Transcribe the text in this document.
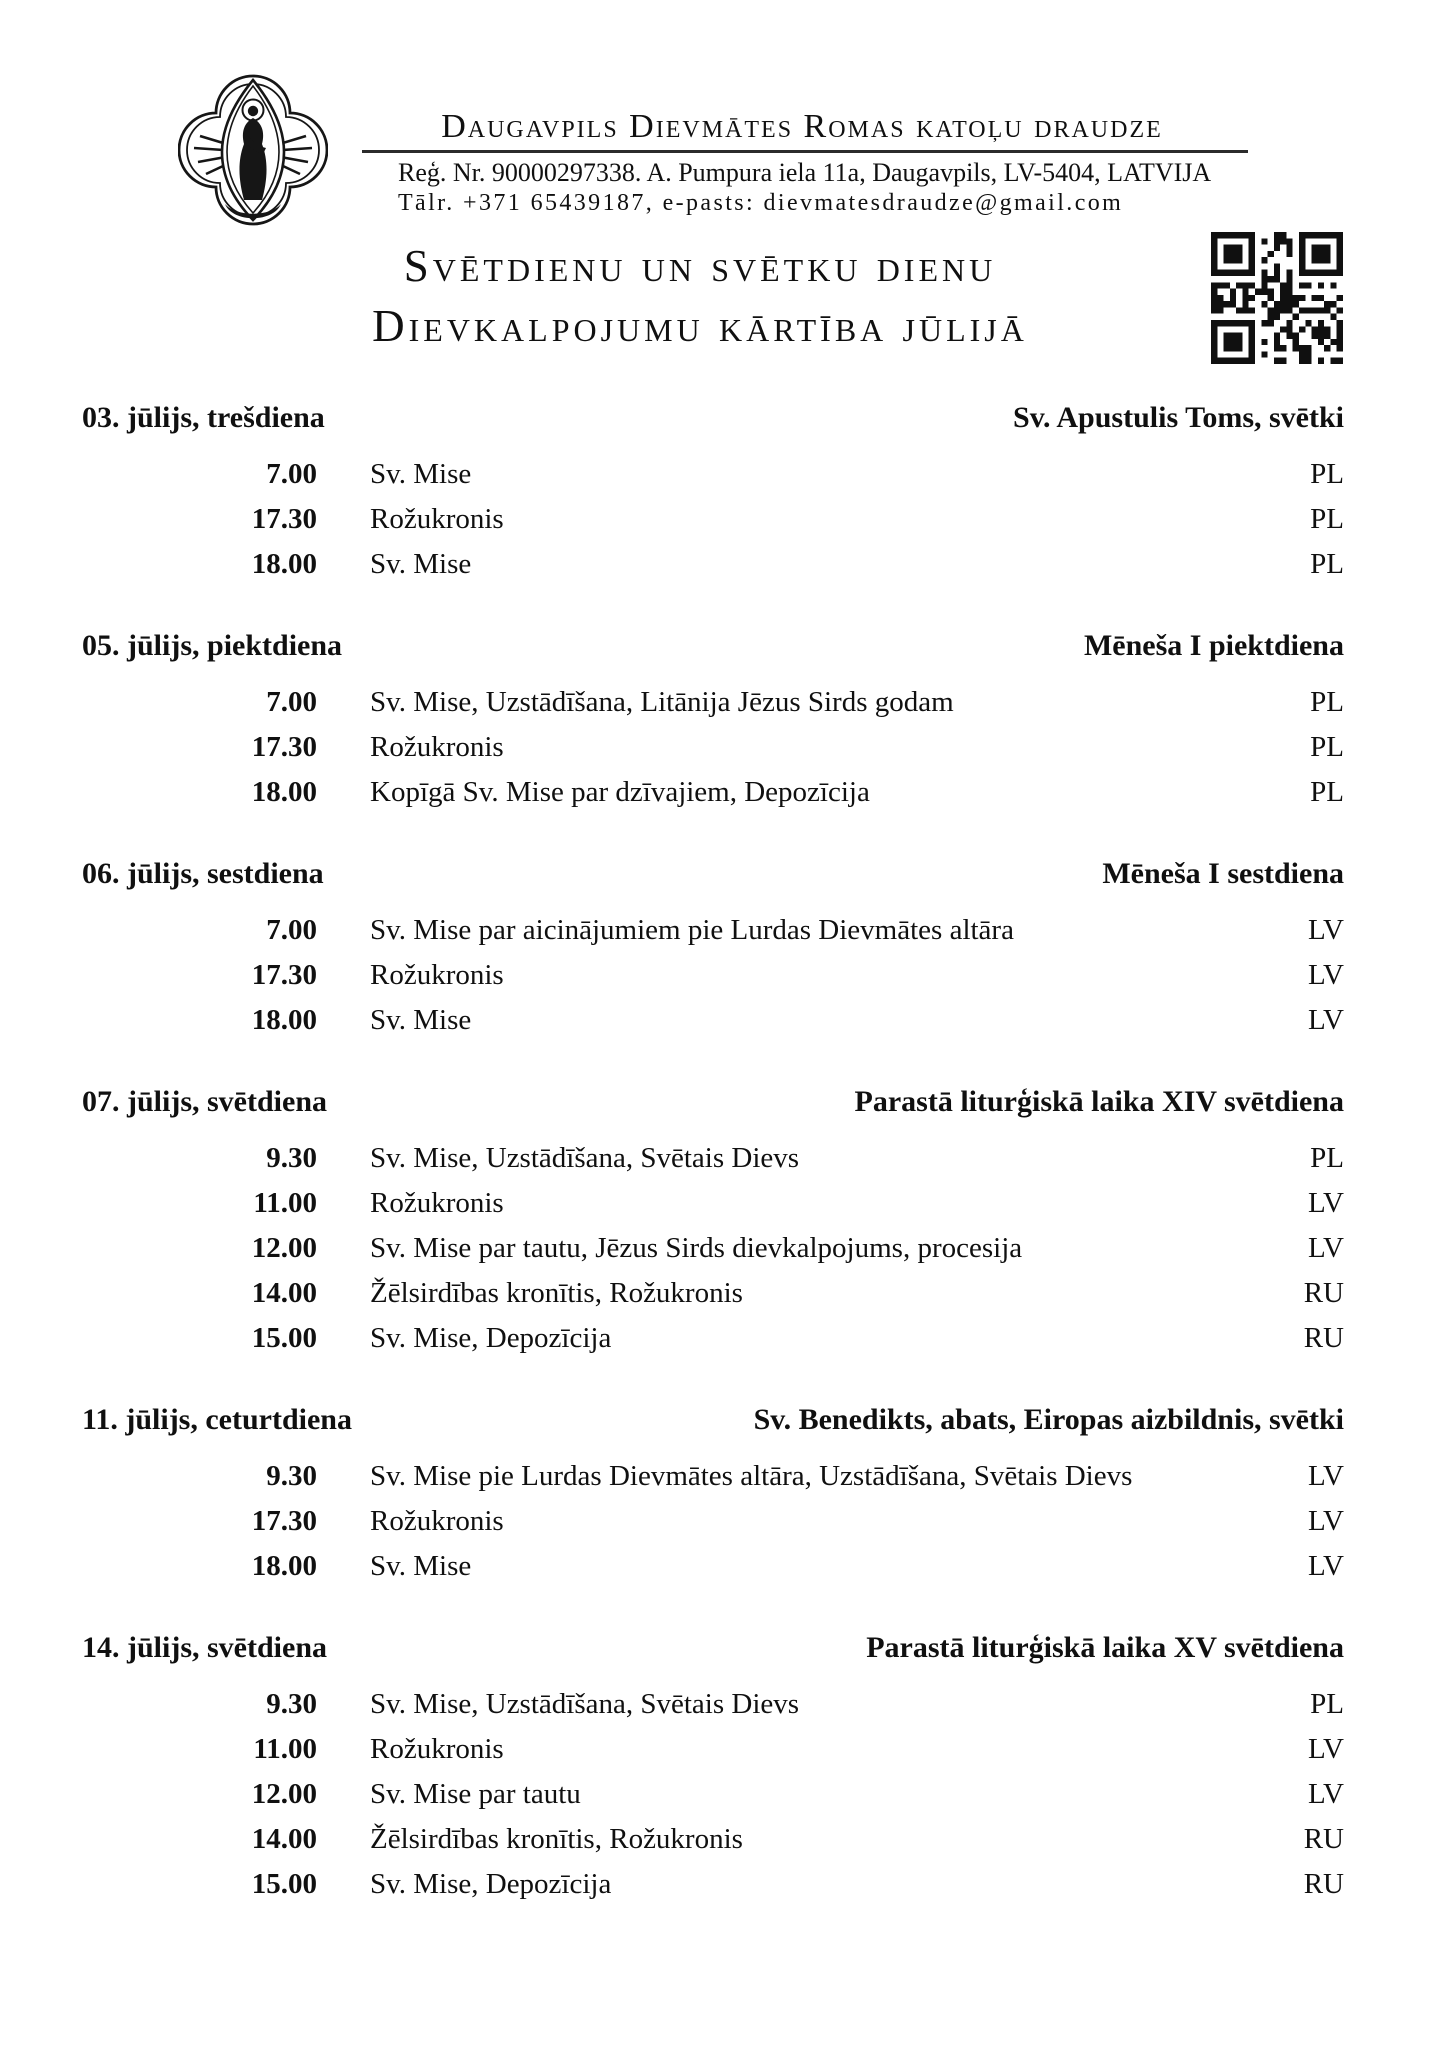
Daugavpils Dievmātes Romas katoļu draudze
Reģ. Nr. 90000297338. A. Pumpura iela 11a, Daugavpils, LV-5404, LATVIJA
Tālr. +371 65439187, e-pasts: dievmatesdraudze@gmail.com
Svētdienu un svētku dienu
Dievkalpojumu kārtība jūlijā
03. jūlijs, trešdiena	Sv. Apustulis Toms, svētki
7.00	Sv. Mise	PL
17.30	Rožukronis	PL
18.00	Sv. Mise	PL
05. jūlijs, piektdiena	Mēneša I piektdiena
7.00	Sv. Mise, Uzstādīšana, Litānija Jēzus Sirds godam	PL
17.30	Rožukronis	PL
18.00	Kopīgā Sv. Mise par dzīvajiem, Depozīcija	PL
06. jūlijs, sestdiena	Mēneša I sestdiena
7.00	Sv. Mise par aicinājumiem pie Lurdas Dievmātes altāra	LV
17.30	Rožukronis	LV
18.00	Sv. Mise	LV
07. jūlijs, svētdiena	Parastā liturģiskā laika XIV svētdiena
9.30	Sv. Mise, Uzstādīšana, Svētais Dievs	PL
11.00	Rožukronis	LV
12.00	Sv. Mise par tautu, Jēzus Sirds dievkalpojums, procesija	LV
14.00	Žēlsirdības kronītis, Rožukronis	RU
15.00	Sv. Mise, Depozīcija	RU
11. jūlijs, ceturtdiena	Sv. Benedikts, abats, Eiropas aizbildnis, svētki
9.30	Sv. Mise pie Lurdas Dievmātes altāra, Uzstādīšana, Svētais Dievs	LV
17.30	Rožukronis	LV
18.00	Sv. Mise	LV
14. jūlijs, svētdiena	Parastā liturģiskā laika XV svētdiena
9.30	Sv. Mise, Uzstādīšana, Svētais Dievs	PL
11.00	Rožukronis	LV
12.00	Sv. Mise par tautu	LV
14.00	Žēlsirdības kronītis, Rožukronis	RU
15.00	Sv. Mise, Depozīcija	RU
